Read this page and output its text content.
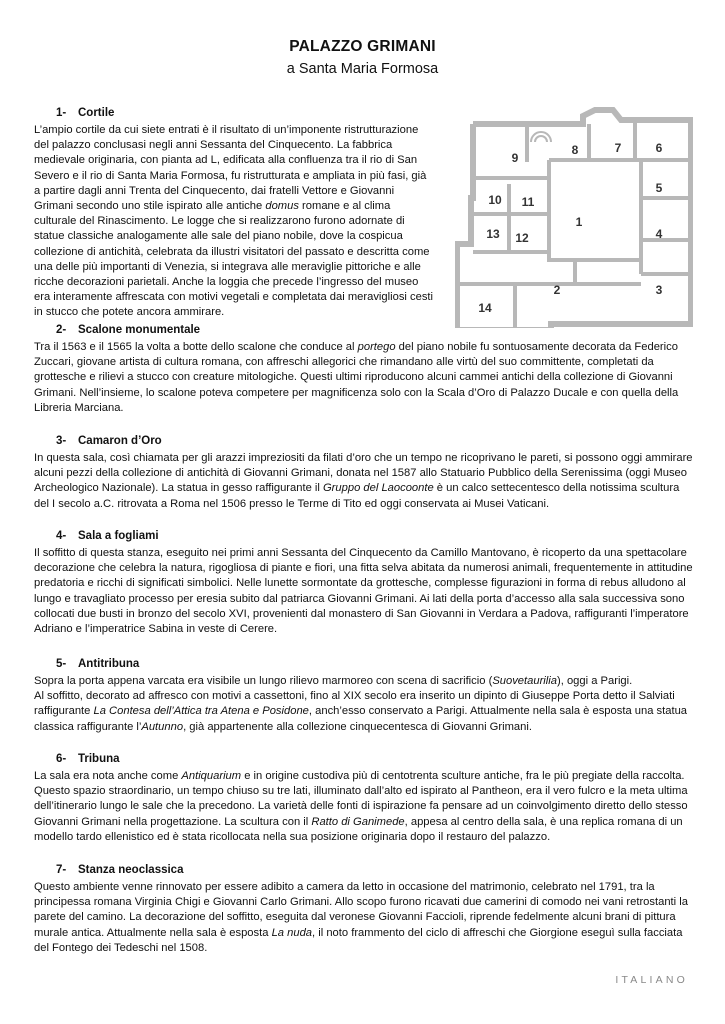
PALAZZO GRIMANI
a Santa Maria Formosa
1
2	3
4
5
6
7
8
9
10 11
12
13
14
1- Cortile

L’ampio cortile da cui siete entrati è il risultato di un’imponente ristrutturazione del palazzo conclusasi negli anni Sessanta del Cinquecento. La fabbrica medievale originaria, con pianta ad L, edificata alla confluenza tra il rio di San Severo e il rio di Santa Maria Formosa, fu ristrutturata e ampliata in più fasi, già a partire dagli anni Trenta del Cinquecento, dai fratelli Vettore e Giovanni Grimani secondo uno stile ispirato alle antiche domus romane e al clima culturale del Rinascimento. Le logge che si realizzarono furono adornate di statue classiche analogamente alle sale del piano nobile, dove la cospicua collezione di antichità, celebrata da illustri visitatori del passato e descritta come una delle più importanti di Venezia, si integrava alle meraviglie pittoriche e alle ricche decorazioni parietali. Anche la loggia che precede l’ingresso del museo era interamente affrescata con motivi vegetali e completata dai meravigliosi cesti in stucco che potete ancora ammirare.

2- Scalone monumentale

Tra il 1563 e il 1565 la volta a botte dello scalone che conduce al portego del piano nobile fu sontuosamente decorata da Federico Zuccari, giovane artista di cultura romana, con affreschi allegorici che rimandano alle virtù del suo committente, completati da grottesche e rilievi a stucco con creature mitologiche. Questi ultimi riproducono alcuni cammei antichi della collezione di Giovanni Grimani. Nell’insieme, lo scalone poteva competere per magnificenza solo con la Scala d’Oro di Palazzo Ducale e con quella della Libreria Marciana.

3- Camaron d’Oro

In questa sala, così chiamata per gli arazzi impreziositi da filati d’oro che un tempo ne ricoprivano le pareti, si possono oggi ammirare alcuni pezzi della collezione di antichità di Giovanni Grimani, donata nel 1587 allo Statuario Pubblico della Serenissima (oggi Museo Archeologico Nazionale). La statua in gesso raffigurante il Gruppo del Laocoonte è un calco settecentesco della notissima scultura del I secolo a.C. ritrovata a Roma nel 1506 presso le Terme di Tito ed oggi conservata ai Musei Vaticani.

4- Sala a fogliami

Il soffitto di questa stanza, eseguito nei primi anni Sessanta del Cinquecento da Camillo Mantovano, è ricoperto da una spettacolare decorazione che celebra la natura, rigogliosa di piante e fiori, una fitta selva abitata da numerosi animali, frequentemente in attitudine predatoria e ricchi di significati simbolici. Nelle lunette sormontate da grottesche, complesse figurazioni in forma di rebus alludono al lungo e travagliato processo per eresia subito dal patriarca Giovanni Grimani. Ai lati della porta d’accesso alla sala successiva sono collocati due busti in bronzo del secolo XVI, provenienti dal monastero di San Giovanni in Verdara a Padova, raffiguranti l’imperatore Adriano e l’imperatrice Sabina in veste di Cerere.

5- Antitribuna

Sopra la porta appena varcata era visibile un lungo rilievo marmoreo con scena di sacrificio (Suovetaurilia), oggi a Parigi.
Al soffitto, decorato ad affresco con motivi a cassettoni, fino al XIX secolo era inserito un dipinto di Giuseppe Porta detto il Salviati raffigurante La Contesa dell’Attica tra Atena e Posidone, anch’esso conservato a Parigi. Attualmente nella sala è esposta una statua classica raffigurante l’Autunno, già appartenente alla collezione cinquecentesca di Giovanni Grimani.

6- Tribuna

La sala era nota anche come Antiquarium e in origine custodiva più di centotrenta sculture antiche, fra le più pregiate della raccolta. Questo spazio straordinario, un tempo chiuso su tre lati, illuminato dall’alto ed ispirato al Pantheon, era il vero fulcro e la meta ultima dell’itinerario lungo le sale che la precedono. La varietà delle fonti di ispirazione fa pensare ad un coinvolgimento diretto dello stesso Giovanni Grimani nella progettazione. La scultura con il Ratto di Ganimede, appesa al centro della sala, è una replica romana di un modello tardo ellenistico ed è stata ricollocata nella sua posizione originaria dopo il restauro del palazzo.

7- Stanza neoclassica

Questo ambiente venne rinnovato per essere adibito a camera da letto in occasione del matrimonio, celebrato nel 1791, tra la principessa romana Virginia Chigi e Giovanni Carlo Grimani. Allo scopo furono ricavati due camerini di comodo nei vani retrostanti la parete del camino. La decorazione del soffitto, eseguita dal veronese Giovanni Faccioli, riprende fedelmente alcuni brani di pittura murale antica. Attualmente nella sala è esposta La nuda, il noto frammento del ciclo di affreschi che Giorgione eseguì sulla facciata del Fontego dei Tedeschi nel 1508.

ITALIANO
